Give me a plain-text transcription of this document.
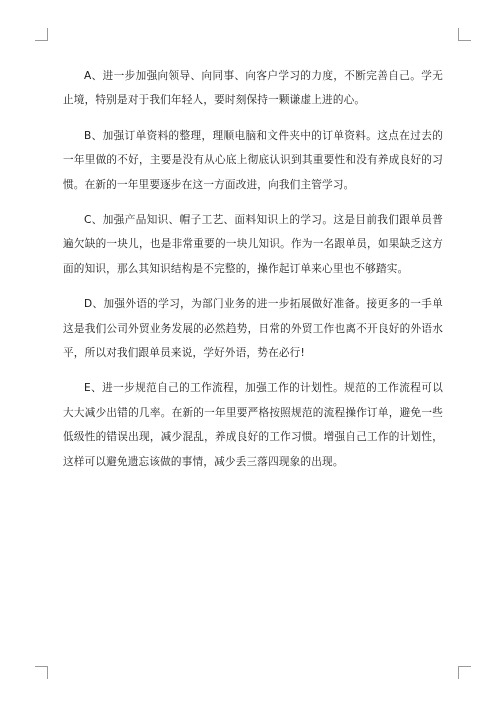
A、进一步加强向领导、向同事、向客户学习的力度，不断完善自己。学无止境，特别是对于我们年轻人，要时刻保持一颗谦虚上进的心。

B、加强订单资料的整理，理顺电脑和文件夹中的订单资料。这点在过去的一年里做的不好，主要是没有从心底上彻底认识到其重要性和没有养成良好的习惯。在新的一年里要逐步在这一方面改进，向我们主管学习。

C、加强产品知识、帽子工艺、面料知识上的学习。这是目前我们跟单员普遍欠缺的一块儿，也是非常重要的一块儿知识。作为一名跟单员，如果缺乏这方面的知识，那么其知识结构是不完整的，操作起订单来心里也不够踏实。

D、加强外语的学习，为部门业务的进一步拓展做好准备。接更多的一手单这是我们公司外贸业务发展的必然趋势，日常的外贸工作也离不开良好的外语水平，所以对我们跟单员来说，学好外语，势在必行!

E、进一步规范自己的工作流程，加强工作的计划性。规范的工作流程可以大大减少出错的几率。在新的一年里要严格按照规范的流程操作订单，避免一些低级性的错误出现，减少混乱，养成良好的工作习惯。增强自己工作的计划性，这样可以避免遗忘该做的事情，减少丢三落四现象的出现。
